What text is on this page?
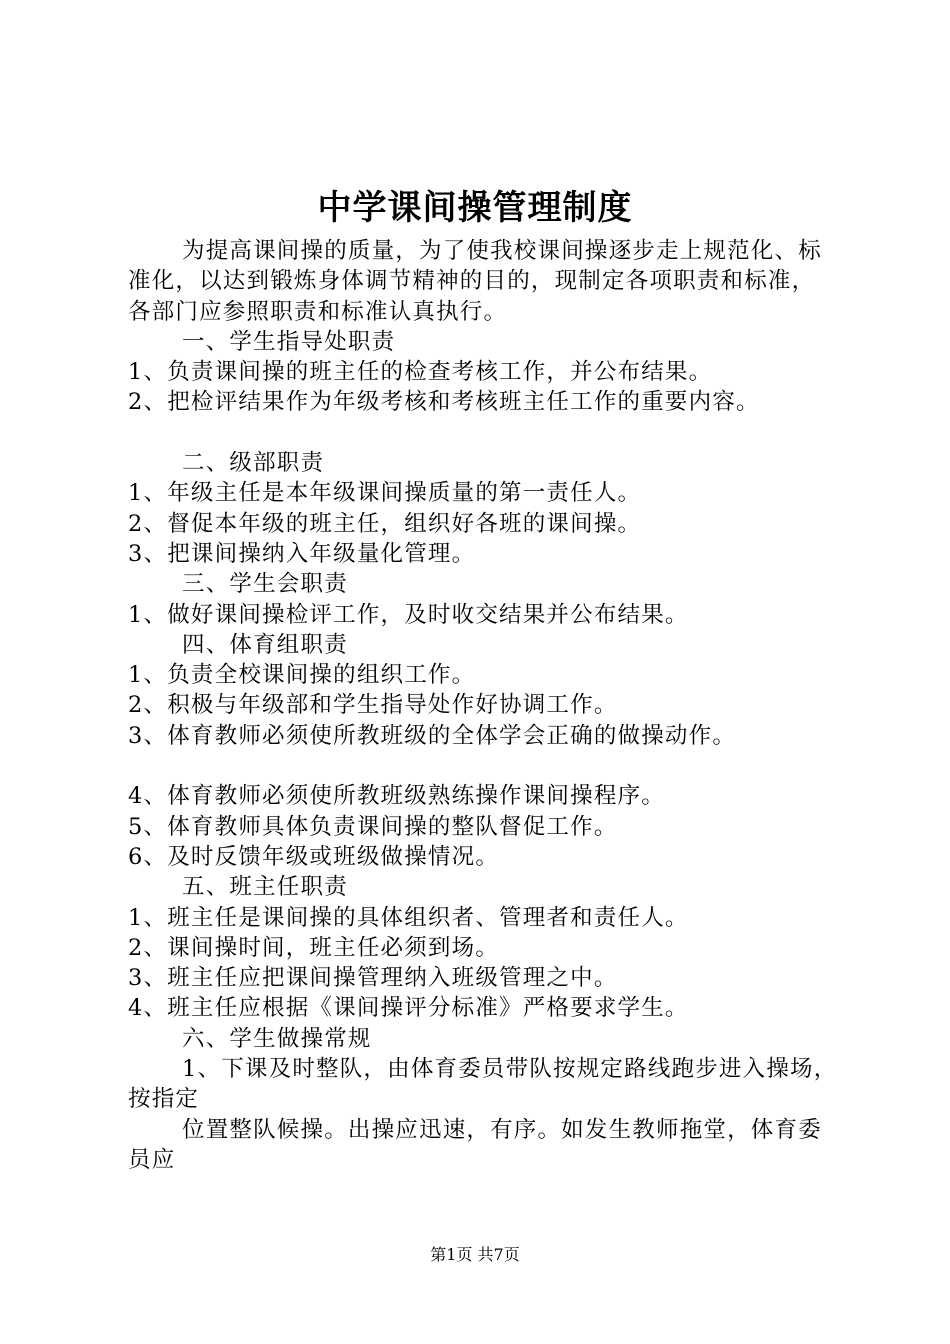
中学课间操管理制度

为提高课间操的质量，为了使我校课间操逐步走上规范化、标准化，以达到锻炼身体调节精神的目的，现制定各项职责和标准，各部门应参照职责和标准认真执行。

一、学生指导处职责

1、负责课间操的班主任的检查考核工作，并公布结果。

2、把检评结果作为年级考核和考核班主任工作的重要内容。

二、级部职责

1、年级主任是本年级课间操质量的第一责任人。

2、督促本年级的班主任，组织好各班的课间操。

3、把课间操纳入年级量化管理。

三、学生会职责

1、做好课间操检评工作，及时收交结果并公布结果。

四、体育组职责

1、负责全校课间操的组织工作。

2、积极与年级部和学生指导处作好协调工作。

3、体育教师必须使所教班级的全体学会正确的做操动作。

4、体育教师必须使所教班级熟练操作课间操程序。

5、体育教师具体负责课间操的整队督促工作。

6、及时反馈年级或班级做操情况。

五、班主任职责

1、班主任是课间操的具体组织者、管理者和责任人。

2、课间操时间，班主任必须到场。

3、班主任应把课间操管理纳入班级管理之中。

4、班主任应根据《课间操评分标准》严格要求学生。

六、学生做操常规

1、下课及时整队，由体育委员带队按规定路线跑步进入操场，按指定

位置整队候操。出操应迅速，有序。如发生教师拖堂，体育委员应

第1页 共7页
